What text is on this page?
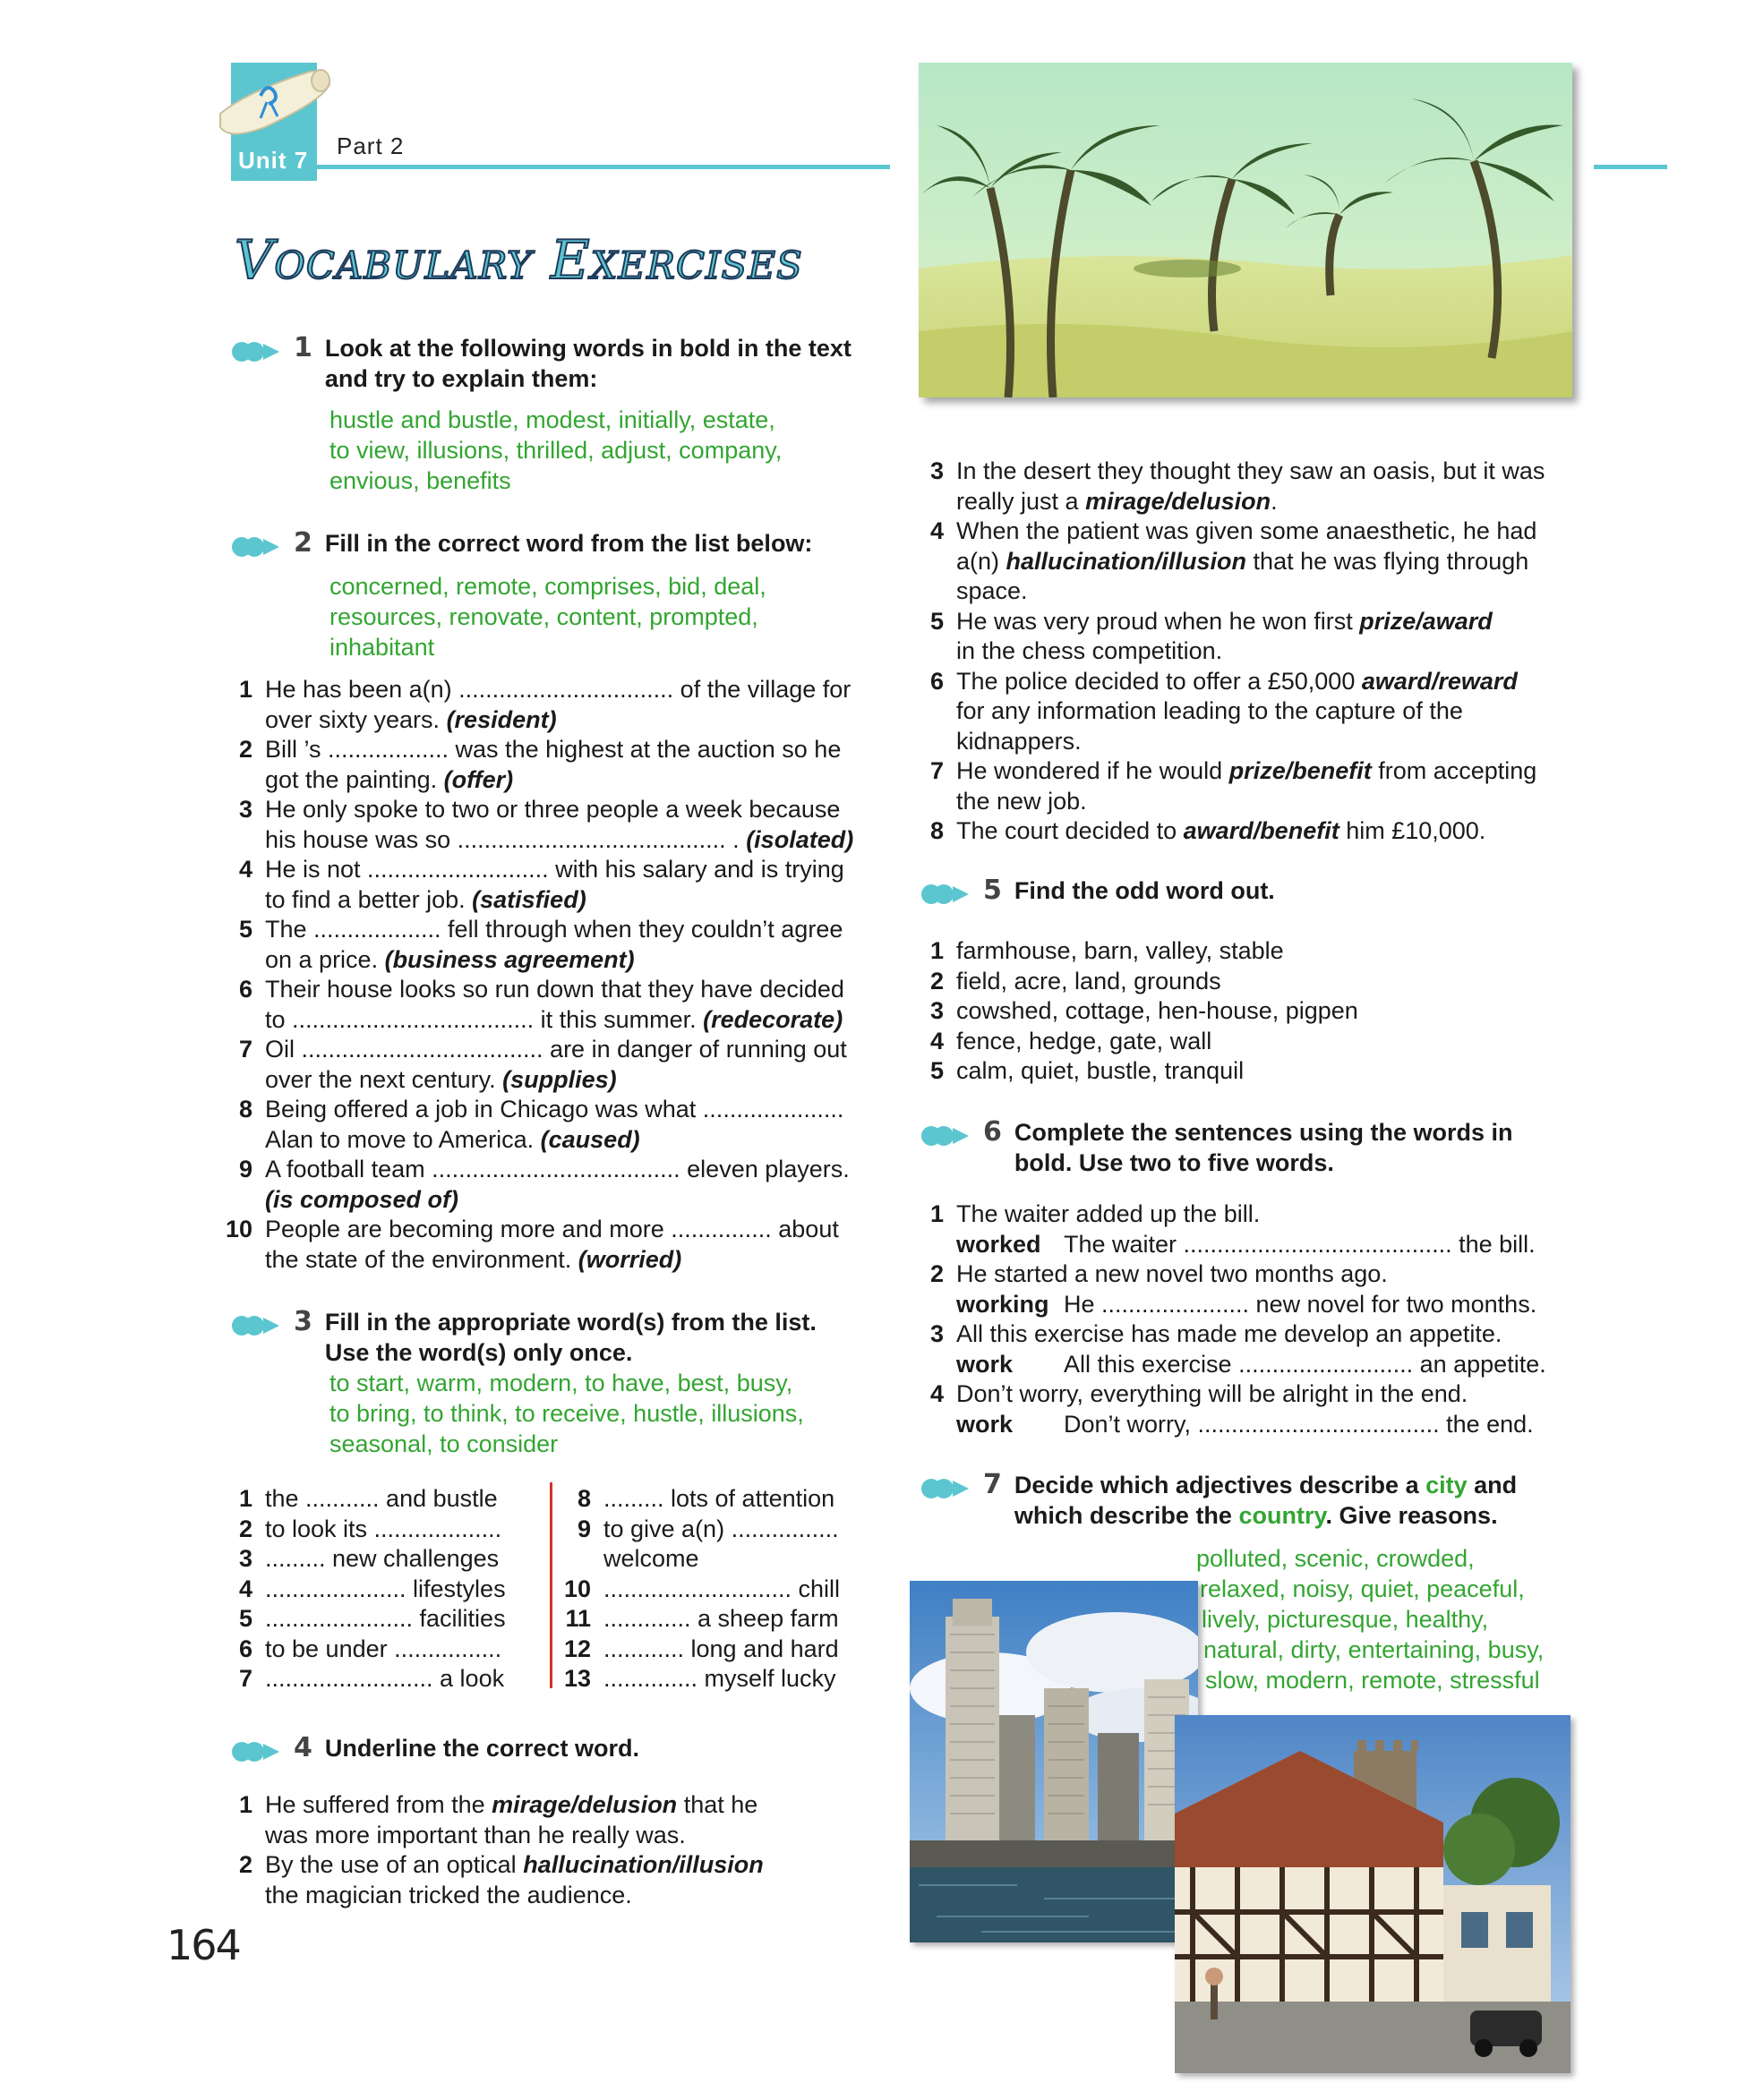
Unit 7
Part 2
Vocabulary Exercises
1 Look at the following words in bold in the text and try to explain them:
hustle and bustle, modest, initially, estate,
to view, illusions, thrilled, adjust, company,
envious, benefits
2 Fill in the correct word from the list below:
concerned, remote, comprises, bid, deal,
resources, renovate, content, prompted,
inhabitant
1 He has been a(n) ................................ of the village for
over sixty years. (resident)
2 Bill ’s .................. was the highest at the auction so he
got the painting. (offer)
3 He only spoke to two or three people a week because
his house was so ........................................ . (isolated)
4 He is not ........................... with his salary and is trying
to find a better job. (satisfied)
5 The ................... fell through when they couldn’t agree
on a price. (business agreement)
6 Their house looks so run down that they have decided
to .................................... it this summer. (redecorate)
7 Oil .................................... are in danger of running out
over the next century. (supplies)
8 Being offered a job in Chicago was what .....................
Alan to move to America. (caused)
9 A football team ..................................... eleven players.
(is composed of)
10 People are becoming more and more ............... about
the state of the environment. (worried)
3 Fill in the appropriate word(s) from the list.
Use the word(s) only once.
to start, warm, modern, to have, best, busy,
to bring, to think, to receive, hustle, illusions,
seasonal, to consider
1 the ........... and bustle
2 to look its ...................
3 ......... new challenges
4 ..................... lifestyles
5 ...................... facilities
6 to be under ................
7 ......................... a look
8 ......... lots of attention
9 to give a(n) ................
welcome
10 ............................ chill
11 ............. a sheep farm
12 ............ long and hard
13 .............. myself lucky
4 Underline the correct word.
1 He suffered from the mirage/delusion that he
was more important than he really was.
2 By the use of an optical hallucination/illusion
the magician tricked the audience.
164
3 In the desert they thought they saw an oasis, but it was
really just a mirage/delusion.
4 When the patient was given some anaesthetic, he had
a(n) hallucination/illusion that he was flying through
space.
5 He was very proud when he won first prize/award
in the chess competition.
6 The police decided to offer a £50,000 award/reward
for any information leading to the capture of the
kidnappers.
7 He wondered if he would prize/benefit from accepting
the new job.
8 The court decided to award/benefit him £10,000.
5 Find the odd word out.
1 farmhouse, barn, valley, stable
2 field, acre, land, grounds
3 cowshed, cottage, hen-house, pigpen
4 fence, hedge, gate, wall
5 calm, quiet, bustle, tranquil
6 Complete the sentences using the words in
bold. Use two to five words.
1 The waiter added up the bill.
worked The waiter ........................................ the bill.
2 He started a new novel two months ago.
working He ...................... new novel for two months.
3 All this exercise has made me develop an appetite.
work	All this exercise .......................... an appetite.
4 Don’t worry, everything will be alright in the end.
work	Don’t worry, .................................... the end.
7 Decide which adjectives describe a city and
which describe the country. Give reasons.
polluted, scenic, crowded,
relaxed, noisy, quiet, peaceful,
lively, picturesque, healthy,
natural, dirty, entertaining, busy,
slow, modern, remote, stressful
